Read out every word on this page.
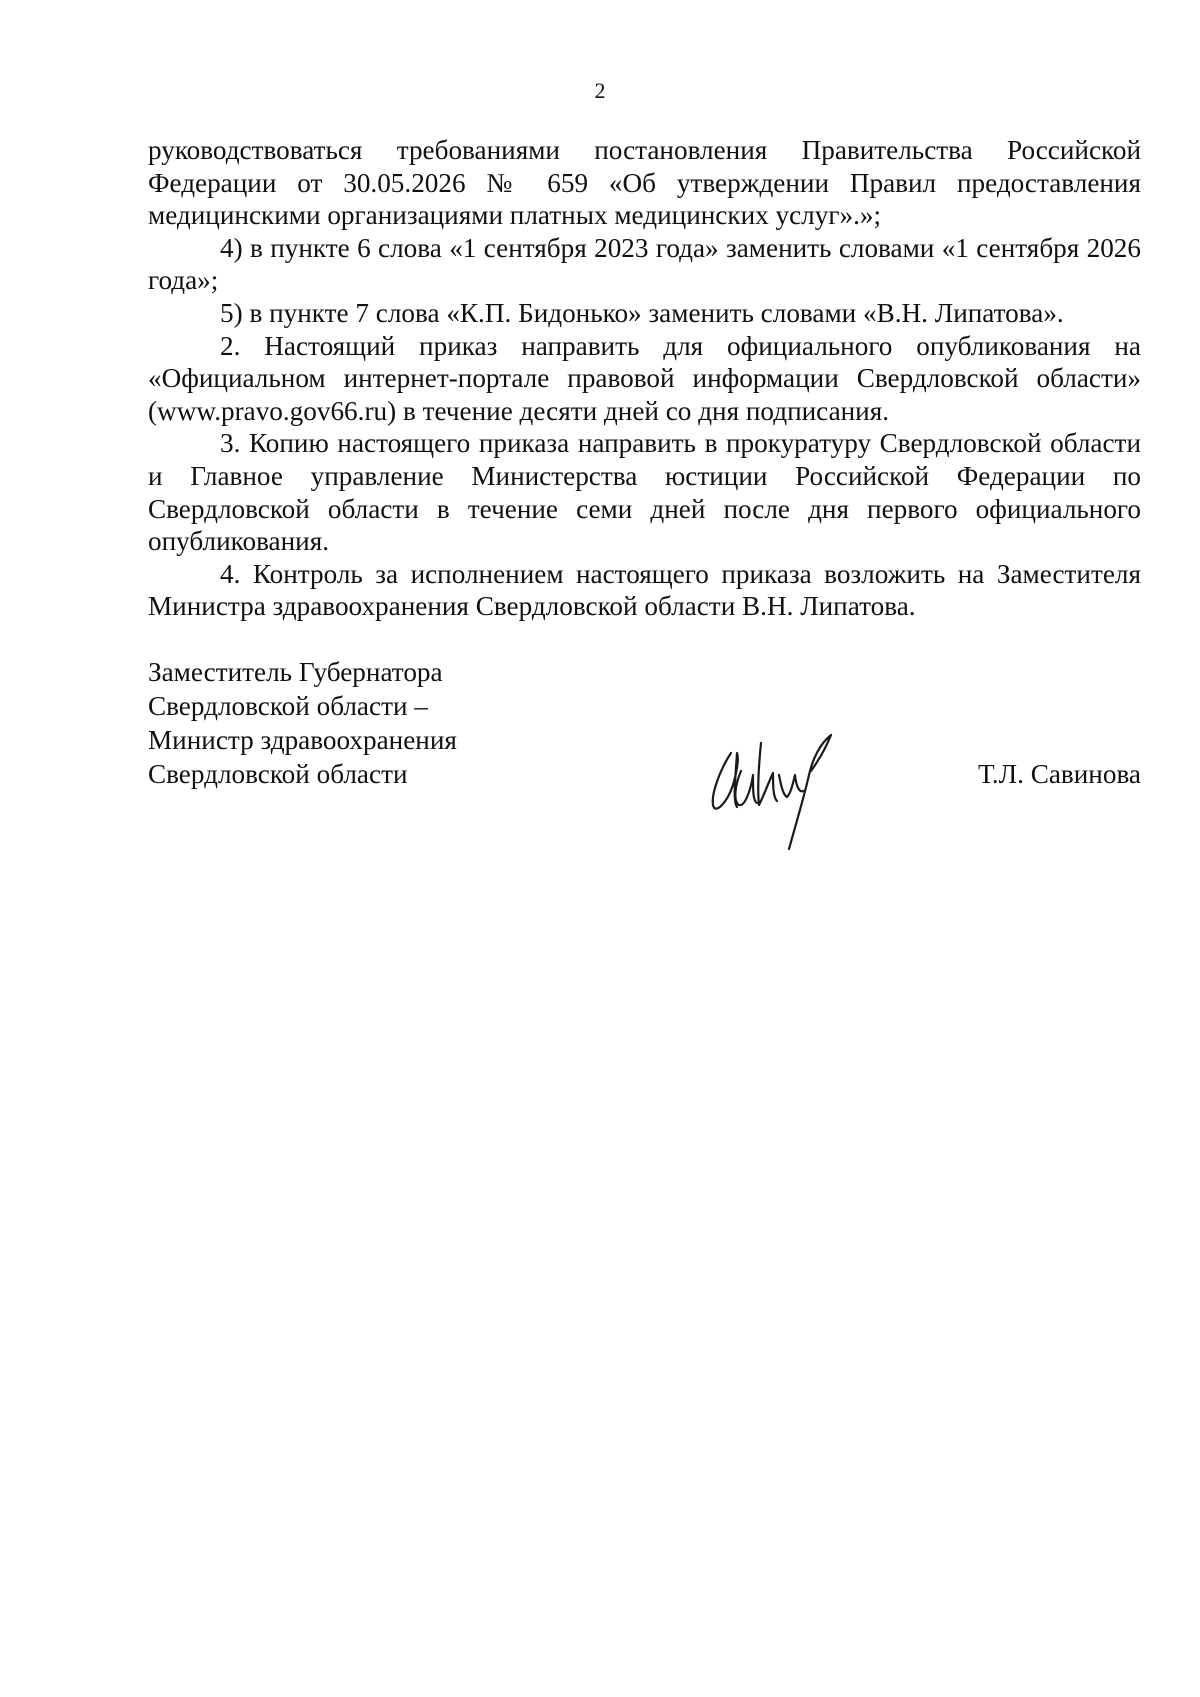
2

руководствоваться требованиями постановления Правительства Российской Федерации от 30.05.2026 № 659 «Об утверждении Правил предоставления медицинскими организациями платных медицинских услуг».»;

4) в пункте 6 слова «1 сентября 2023 года» заменить словами «1 сентября 2026 года»;

5) в пункте 7 слова «К.П. Бидонько» заменить словами «В.Н. Липатова».

2. Настоящий приказ направить для официального опубликования на «Официальном интернет-портале правовой информации Свердловской области» (www.pravo.gov66.ru) в течение десяти дней со дня подписания.

3. Копию настоящего приказа направить в прокуратуру Свердловской области и Главное управление Министерства юстиции Российской Федерации по Свердловской области в течение семи дней после дня первого официального опубликования.

4. Контроль за исполнением настоящего приказа возложить на Заместителя Министра здравоохранения Свердловской области В.Н. Липатова.

Заместитель Губернатора
Свердловской области –
Министр здравоохранения
Свердловской области	Т.Л. Савинова
